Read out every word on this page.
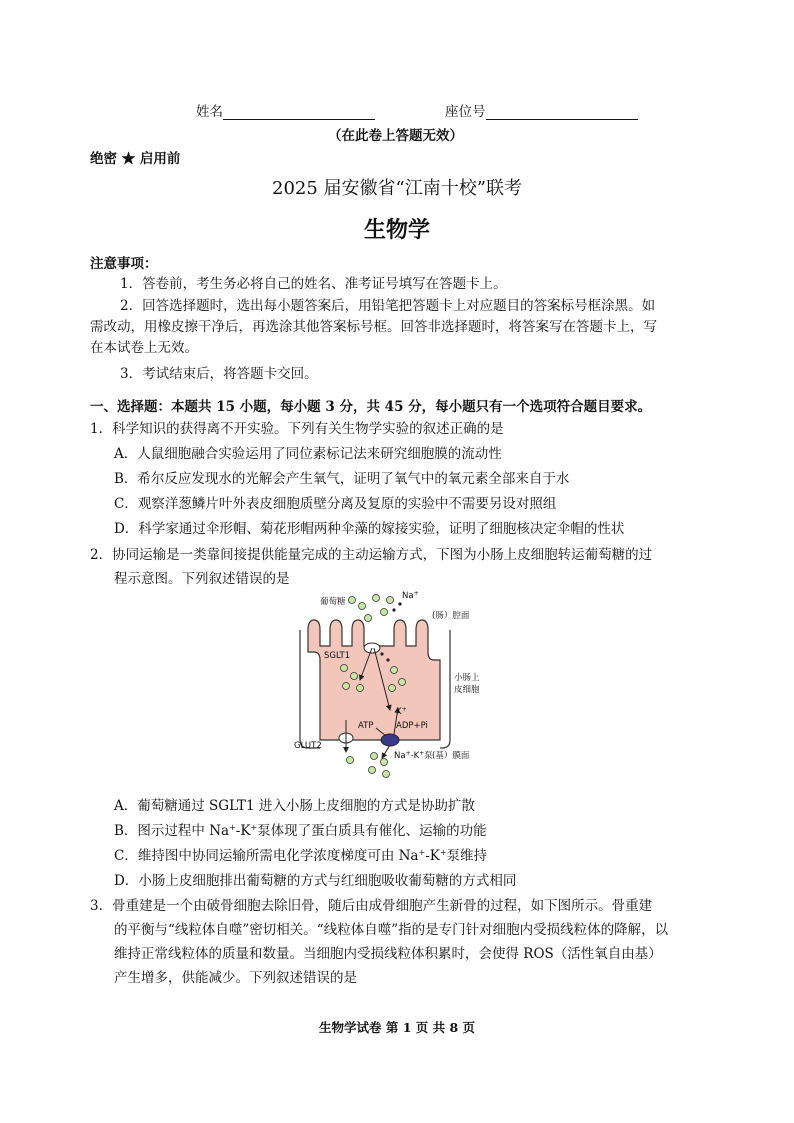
姓名	座位号
（在此卷上答题无效）
绝密 ★ 启用前
2025 届安徽省“江南十校”联考
生物学
注意事项：
1．答卷前，考生务必将自己的姓名、准考证号填写在答题卡上。
2．回答选择题时，选出每小题答案后，用铅笔把答题卡上对应题目的答案标号框涂黑。如
需改动，用橡皮擦干净后，再选涂其他答案标号框。回答非选择题时，将答案写在答题卡上，写
在本试卷上无效。
3．考试结束后，将答题卡交回。
一、选择题：本题共 15 小题，每小题 3 分，共 45 分，每小题只有一个选项符合题目要求。
1．科学知识的获得离不开实验。下列有关生物学实验的叙述正确的是
A．人鼠细胞融合实验运用了同位素标记法来研究细胞膜的流动性
B．希尔反应发现水的光解会产生氧气，证明了氧气中的氧元素全部来自于水
C．观察洋葱鳞片叶外表皮细胞质壁分离及复原的实验中不需要另设对照组
D．科学家通过伞形帽、菊花形帽两种伞藻的嫁接实验，证明了细胞核决定伞帽的性状
2．协同运输是一类靠间接提供能量完成的主动运输方式，下图为小肠上皮细胞转运葡萄糖的过
程示意图。下列叙述错误的是
葡萄糖
Na+
(肠）腔面
SGLT1
小肠上
皮细胞
K+
ATP	ADP+Pi
GLUT2
Na+-K+泵 (基）膜面
A．葡萄糖通过 SGLT1 进入小肠上皮细胞的方式是协助扩散
B．图示过程中 Na+-K+泵体现了蛋白质具有催化、运输的功能
C．维持图中协同运输所需电化学浓度梯度可由 Na+-K+泵维持
D．小肠上皮细胞排出葡萄糖的方式与红细胞吸收葡萄糖的方式相同
3．骨重建是一个由破骨细胞去除旧骨，随后由成骨细胞产生新骨的过程，如下图所示。骨重建
的平衡与“线粒体自噬”密切相关。“线粒体自噬”指的是专门针对细胞内受损线粒体的降解，以
维持正常线粒体的质量和数量。当细胞内受损线粒体积累时，会使得 ROS（活性氧自由基）
产生增多，供能减少。下列叙述错误的是
生物学试卷 第 1 页 共 8 页
